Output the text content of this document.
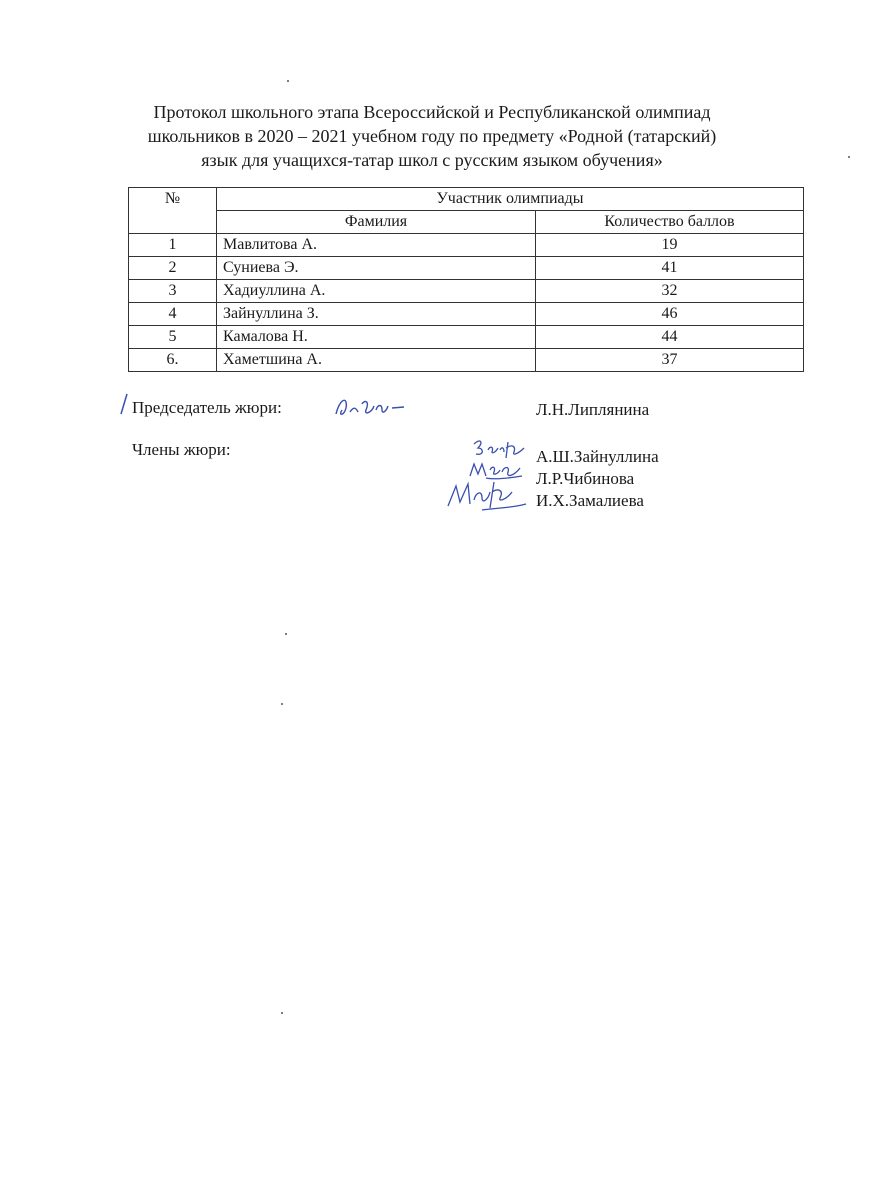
Протокол школьного этапа Всероссийской и Республиканской олимпиад
школьников в 2020 – 2021 учебном году по предмету «Родной (татарский)
язык для учащихся-татар школ с русским языком обучения»
№	Участник олимпиады	
	Фамилия	Количество баллов
1	Мавлитова А.	19
2	Суниева Э.	41
3	Хадиуллина А.	32
4	Зайнуллина З.	46
5	Камалова Н.	44
6.	Хаметшина А.	37
Председатель жюри:	Л.Н.Липлянина
Члены жюри:	А.Ш.Зайнуллина
Л.Р.Чибинова
И.Х.Замалиева
